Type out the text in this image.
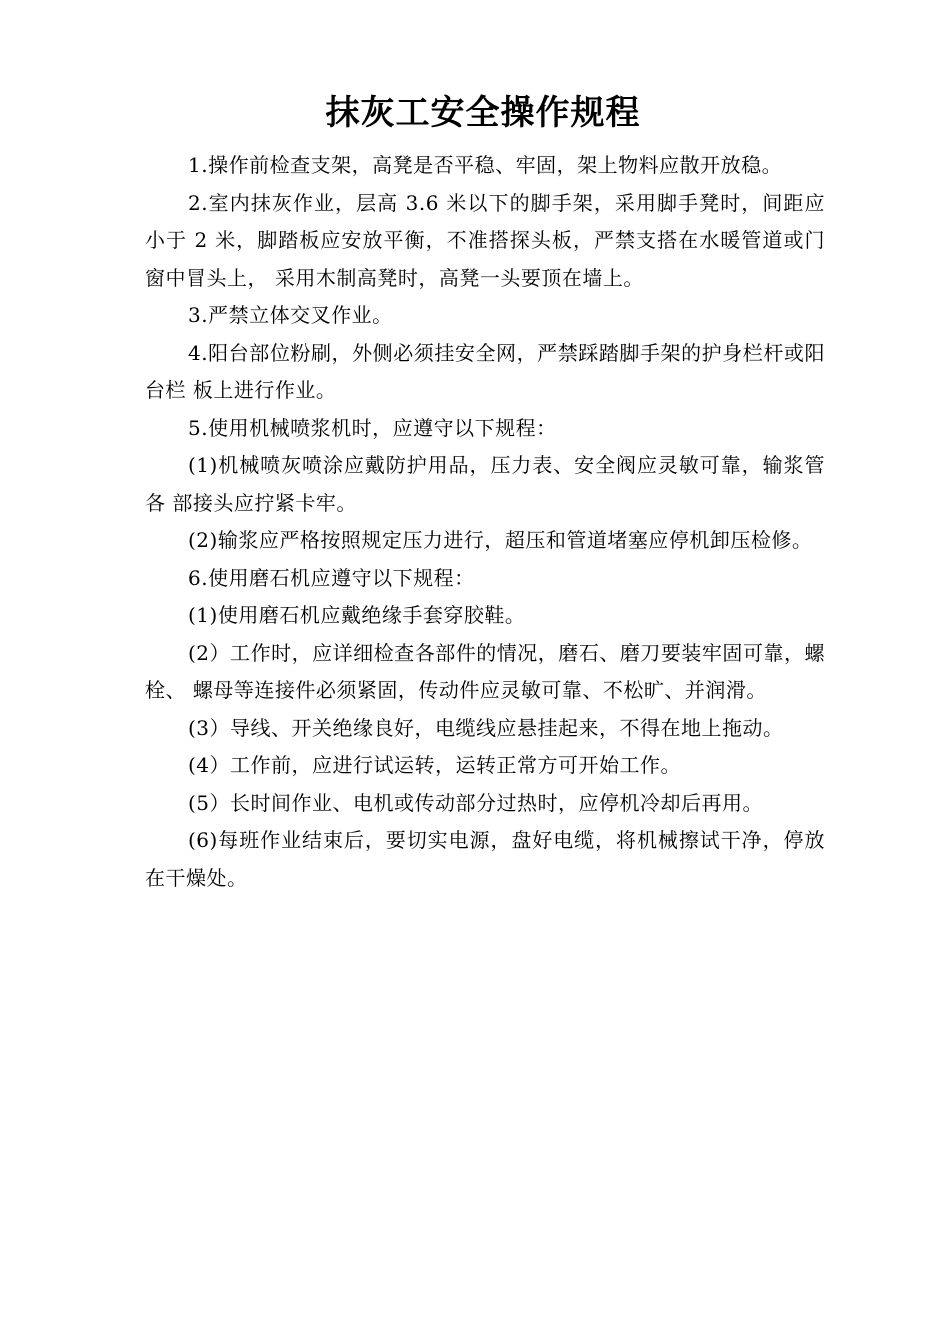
抹灰工安全操作规程

1.操作前检查支架，高凳是否平稳、牢固，架上物料应散开放稳。

2.室内抹灰作业，层高 3.6 米以下的脚手架，采用脚手凳时，间距应小于 2 米，脚踏板应安放平衡，不准搭探头板，严禁支搭在水暖管道或门窗中冒头上， 采用木制高凳时，高凳一头要顶在墙上。

3.严禁立体交叉作业。

4.阳台部位粉刷，外侧必须挂安全网，严禁踩踏脚手架的护身栏杆或阳台栏 板上进行作业。

5.使用机械喷浆机时，应遵守以下规程：

(1)机械喷灰喷涂应戴防护用品，压力表、安全阀应灵敏可靠，输浆管各 部接头应拧紧卡牢。

(2)输浆应严格按照规定压力进行，超压和管道堵塞应停机卸压检修。

6.使用磨石机应遵守以下规程：

(1)使用磨石机应戴绝缘手套穿胶鞋。

(2）工作时，应详细检查各部件的情况，磨石、磨刀要装牢固可靠，螺栓、 螺母等连接件必须紧固，传动件应灵敏可靠、不松旷、并润滑。

(3）导线、开关绝缘良好，电缆线应悬挂起来，不得在地上拖动。

(4）工作前，应进行试运转，运转正常方可开始工作。

(5）长时间作业、电机或传动部分过热时，应停机冷却后再用。

(6)每班作业结束后，要切实电源，盘好电缆，将机械擦试干净，停放在干燥处。
